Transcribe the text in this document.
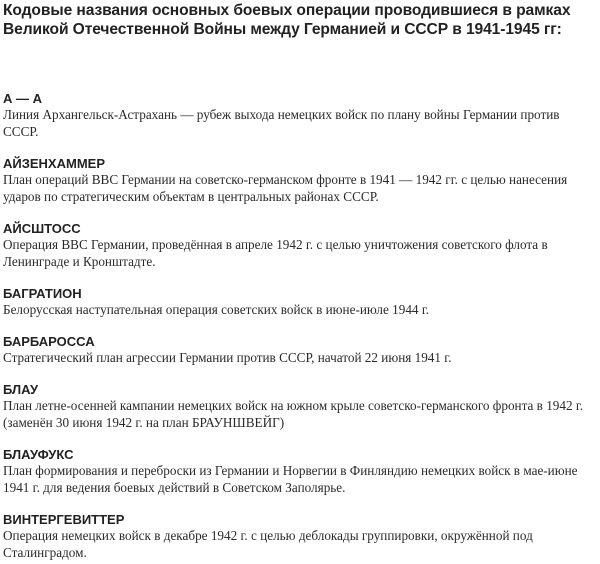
Кодовые названия основных боевых операции проводившиеся в рамках
Великой Отечественной Войны между Германией и СССР в 1941-1945 гг:

А — А

Линия Архангельск-Астрахань — рубеж выхода немецких войск по плану войны Германии против СССР.

АЙЗЕНХАММЕР

План операций ВВС Германии на советско-германском фронте в 1941 — 1942 гг. с целью нанесения ударов по стратегическим объектам в центральных районах СССР.

АЙСШТОСС

Операция ВВС Германии, проведённая в апреле 1942 г. с целью уничтожения советского флота в Ленинграде и Кронштадте.

БАГРАТИОН

Белорусская наступательная операция советских войск в июне-июле 1944 г.

БАРБАРОССА

Стратегический план агрессии Германии против СССР, начатой 22 июня 1941 г.

БЛАУ

План летне-осенней кампании немецких войск на южном крыле советско-германского фронта в 1942 г. (заменён 30 июня 1942 г. на план БРАУНШВЕЙГ)

БЛАУФУКС

План формирования и переброски из Германии и Норвегии в Финляндию немецких войск в мае-июне 1941 г. для ведения боевых действий в Советском Заполярье.

ВИНТЕРГЕВИТТЕР

Операция немецких войск в декабре 1942 г. с целью деблокады группировки, окружённой под Сталинградом.
